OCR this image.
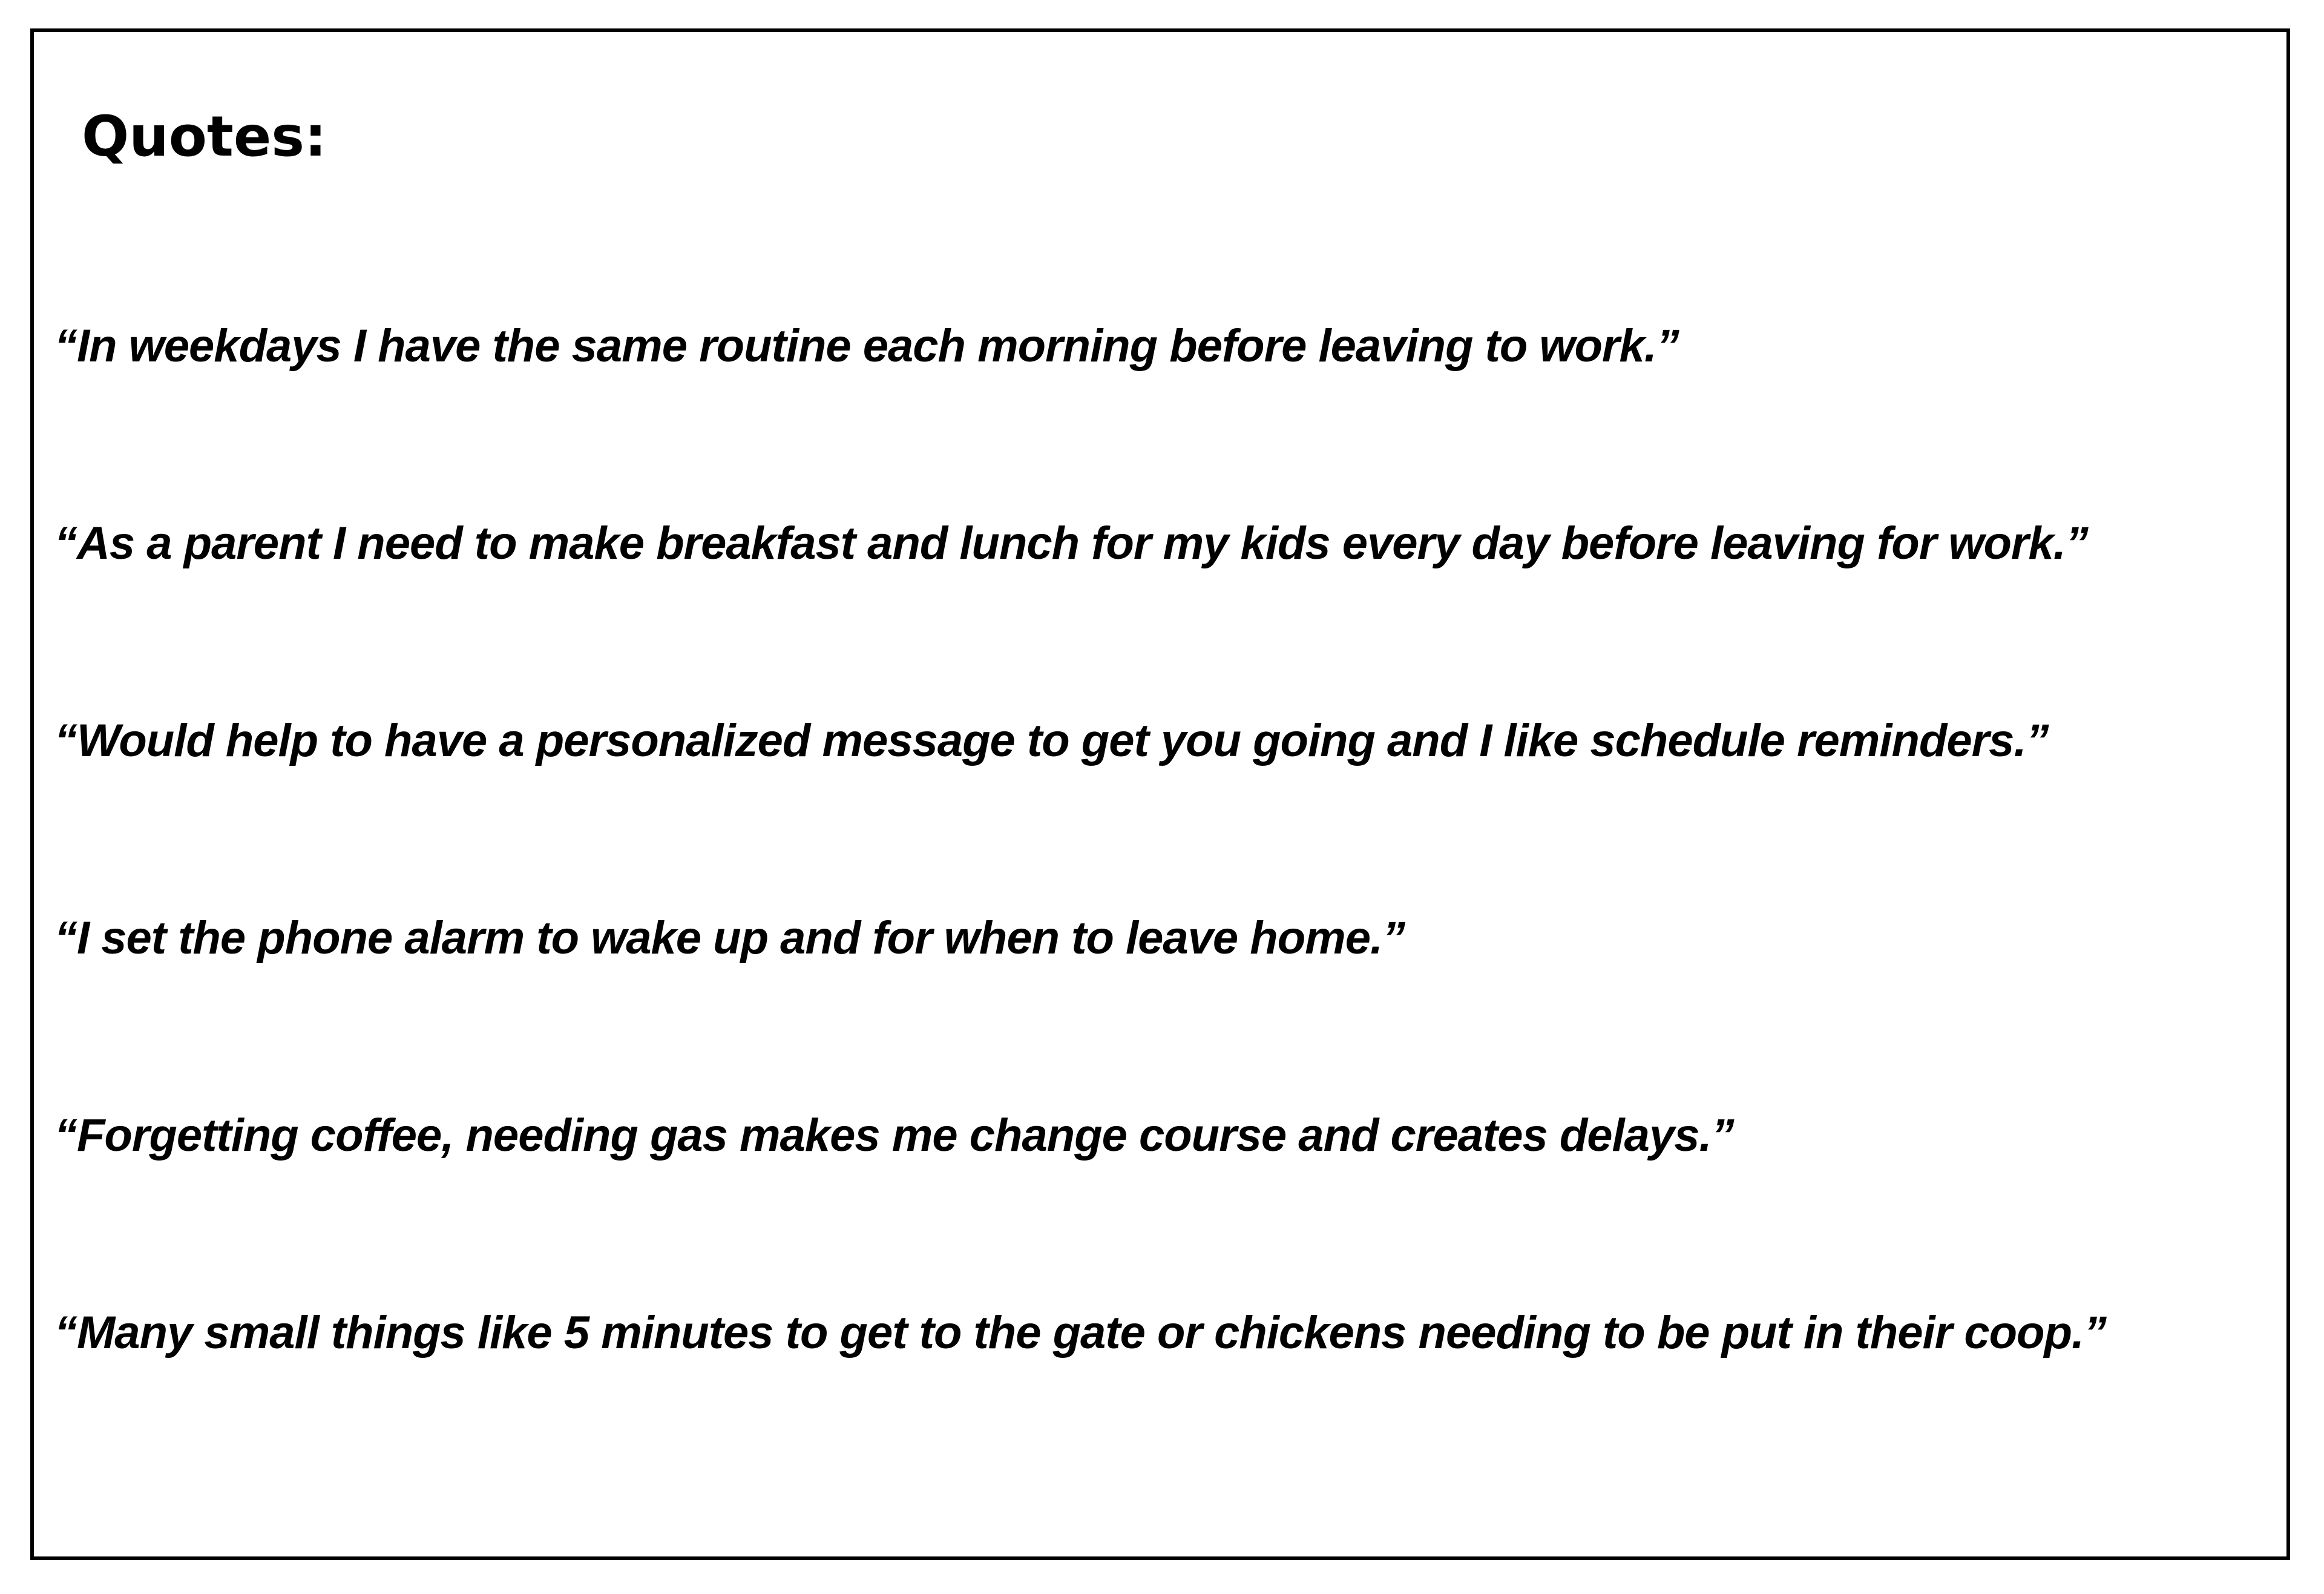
Quotes:

“In weekdays I have the same routine each morning before leaving to work.”

“As a parent I need to make breakfast and lunch for my kids every day before leaving for work.”

“Would help to have a personalized message to get you going and I like schedule reminders.”

“I set the phone alarm to wake up and for when to leave home.”

“Forgetting coffee, needing gas makes me change course and creates delays.”

“Many small things like 5 minutes to get to the gate or chickens needing to be put in their coop.”
